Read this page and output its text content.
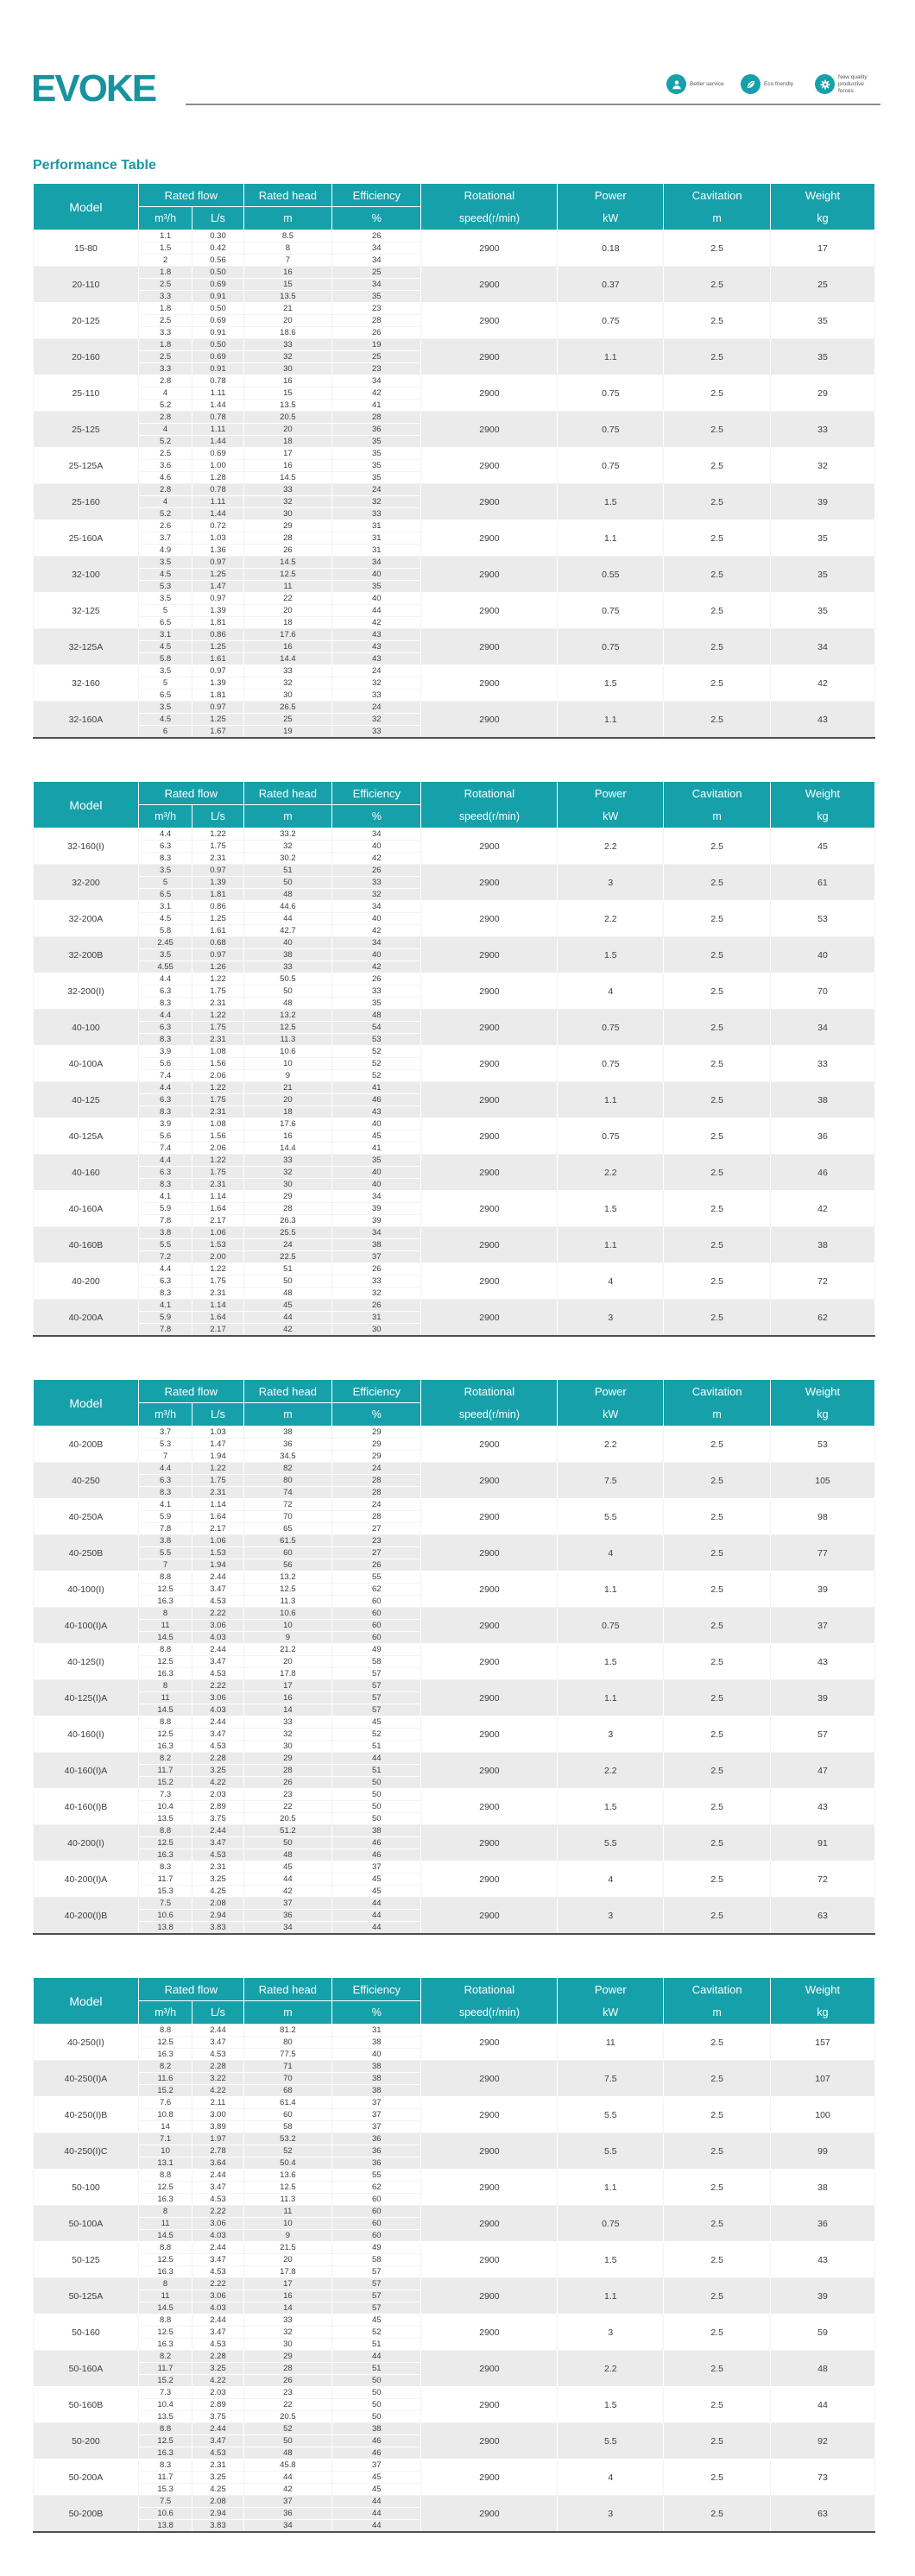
EVOKE	Better service	Eco friendly
New quality productive forces
Performance Table
Model	Rated flow		Rated head	Efficiency	Rotational	Power	Cavitation	Weight
	m³/h	L/s	m	%	speed(r/min)	kW	m	kg
15-80	1.1	0.30	8.5	26	2900	0.18	2.5	17
	1.5	0.42	8	34				
	2	0.56	7	34				
20-110	1.8	0.50	16	25	2900	0.37	2.5	25
	2.5	0.69	15	34				
	3.3	0.91	13.5	35				
20-125	1.8	0.50	21	23	2900	0.75	2.5	35
	2.5	0.69	20	28				
	3.3	0.91	18.6	26				
20-160	1.8	0.50	33	19	2900	1.1	2.5	35
	2.5	0.69	32	25				
	3.3	0.91	30	23				
25-110	2.8	0.78	16	34	2900	0.75	2.5	29
	4	1.11	15	42				
	5.2	1.44	13.5	41				
25-125	2.8	0.78	20.5	28	2900	0.75	2.5	33
	4	1.11	20	36				
	5.2	1.44	18	35				
25-125A	2.5	0.69	17	35	2900	0.75	2.5	32
	3.6	1.00	16	35				
	4.6	1.28	14.5	35				
25-160	2.8	0.78	33	24	2900	1.5	2.5	39
	4	1.11	32	32				
	5.2	1.44	30	33				
25-160A	2.6	0.72	29	31	2900	1.1	2.5	35
	3.7	1.03	28	31				
	4.9	1.36	26	31				
32-100	3.5	0.97	14.5	34	2900	0.55	2.5	35
	4.5	1.25	12.5	40				
	5.3	1.47	11	35				
32-125	3.5	0.97	22	40	2900	0.75	2.5	35
	5	1.39	20	44				
	6.5	1.81	18	42				
32-125A	3.1	0.86	17.6	43	2900	0.75	2.5	34
	4.5	1.25	16	43				
	5.8	1.61	14.4	43				
32-160	3.5	0.97	33	24	2900	1.5	2.5	42
	5	1.39	32	32				
	6.5	1.81	30	33				
32-160A	3.5	0.97	26.5	24	2900	1.1	2.5	43
	4.5	1.25	25	32				
	6	1.67	19	33				
Model	Rated flow		Rated head	Efficiency	Rotational	Power	Cavitation	Weight
	m³/h	L/s	m	%	speed(r/min)	kW	m	kg
32-160(I)	4.4	1.22	33.2	34	2900	2.2	2.5	45
	6.3	1.75	32	40				
	8.3	2.31	30.2	42				
32-200	3.5	0.97	51	26	2900	3	2.5	61
	5	1.39	50	33				
	6.5	1.81	48	32				
32-200A	3.1	0.86	44.6	34	2900	2.2	2.5	53
	4.5	1.25	44	40				
	5.8	1.61	42.7	42				
32-200B	2.45	0.68	40	34	2900	1.5	2.5	40
	3.5	0.97	38	40				
	4.55	1.26	33	42				
32-200(I)	4.4	1.22	50.5	26	2900	4	2.5	70
	6.3	1.75	50	33				
	8.3	2.31	48	35				
40-100	4.4	1.22	13.2	48	2900	0.75	2.5	34
	6.3	1.75	12.5	54				
	8.3	2.31	11.3	53				
40-100A	3.9	1.08	10.6	52	2900	0.75	2.5	33
	5.6	1.56	10	52				
	7.4	2.06	9	52				
40-125	4.4	1.22	21	41	2900	1.1	2.5	38
	6.3	1.75	20	46				
	8.3	2.31	18	43				
40-125A	3.9	1.08	17.6	40	2900	0.75	2.5	36
	5.6	1.56	16	45				
	7.4	2.06	14.4	41				
40-160	4.4	1.22	33	35	2900	2.2	2.5	46
	6.3	1.75	32	40				
	8.3	2.31	30	40				
40-160A	4.1	1.14	29	34	2900	1.5	2.5	42
	5.9	1.64	28	39				
	7.8	2.17	26.3	39				
40-160B	3.8	1.06	25.5	34	2900	1.1	2.5	38
	5.5	1.53	24	38				
	7.2	2.00	22.5	37				
40-200	4.4	1.22	51	26	2900	4	2.5	72
	6.3	1.75	50	33				
	8.3	2.31	48	32				
40-200A	4.1	1.14	45	26	2900	3	2.5	62
	5.9	1.64	44	31				
	7.8	2.17	42	30				
Model	Rated flow		Rated head	Efficiency	Rotational	Power	Cavitation	Weight
	m³/h	L/s	m	%	speed(r/min)	kW	m	kg
40-200B	3.7	1.03	38	29	2900	2.2	2.5	53
	5.3	1.47	36	29				
	7	1.94	34.5	29				
40-250	4.4	1.22	82	24	2900	7.5	2.5	105
	6.3	1.75	80	28				
	8.3	2.31	74	28				
40-250A	4.1	1.14	72	24	2900	5.5	2.5	98
	5.9	1.64	70	28				
	7.8	2.17	65	27				
40-250B	3.8	1.06	61.5	23	2900	4	2.5	77
	5.5	1.53	60	27				
	7	1.94	56	26				
40-100(I)	8.8	2.44	13.2	55	2900	1.1	2.5	39
	12.5	3.47	12.5	62				
	16.3	4.53	11.3	60				
40-100(I)A	8	2.22	10.6	60	2900	0.75	2.5	37
	11	3.06	10	60				
	14.5	4.03	9	60				
40-125(I)	8.8	2.44	21.2	49	2900	1.5	2.5	43
	12.5	3.47	20	58				
	16.3	4.53	17.8	57				
40-125(I)A	8	2.22	17	57	2900	1.1	2.5	39
	11	3.06	16	57				
	14.5	4.03	14	57				
40-160(I)	8.8	2.44	33	45	2900	3	2.5	57
	12.5	3.47	32	52				
	16.3	4.53	30	51				
40-160(I)A	8.2	2.28	29	44	2900	2.2	2.5	47
	11.7	3.25	28	51				
	15.2	4.22	26	50				
40-160(I)B	7.3	2.03	23	50	2900	1.5	2.5	43
	10.4	2.89	22	50				
	13.5	3.75	20.5	50				
40-200(I)	8.8	2.44	51.2	38	2900	5.5	2.5	91
	12.5	3.47	50	46				
	16.3	4.53	48	46				
40-200(I)A	8.3	2.31	45	37	2900	4	2.5	72
	11.7	3.25	44	45				
	15.3	4.25	42	45				
40-200(I)B	7.5	2.08	37	44	2900	3	2.5	63
	10.6	2.94	36	44				
	13.8	3.83	34	44				
Model	Rated flow		Rated head	Efficiency	Rotational	Power	Cavitation	Weight
	m³/h	L/s	m	%	speed(r/min)	kW	m	kg
40-250(I)	8.8	2.44	81.2	31	2900	11	2.5	157
	12.5	3.47	80	38				
	16.3	4.53	77.5	40				
40-250(I)A	8.2	2.28	71	38	2900	7.5	2.5	107
	11.6	3.22	70	38				
	15.2	4.22	68	38				
40-250(I)B	7.6	2.11	61.4	37	2900	5.5	2.5	100
	10.8	3.00	60	37				
	14	3.89	58	37				
40-250(I)C	7.1	1.97	53.2	36	2900	5.5	2.5	99
	10	2.78	52	36				
	13.1	3.64	50.4	36				
50-100	8.8	2.44	13.6	55	2900	1.1	2.5	38
	12.5	3.47	12.5	62				
	16.3	4.53	11.3	60				
50-100A	8	2.22	11	60	2900	0.75	2.5	36
	11	3.06	10	60				
	14.5	4.03	9	60				
50-125	8.8	2.44	21.5	49	2900	1.5	2.5	43
	12.5	3.47	20	58				
	16.3	4.53	17.8	57				
50-125A	8	2.22	17	57	2900	1.1	2.5	39
	11	3.06	16	57				
	14.5	4.03	14	57				
50-160	8.8	2.44	33	45	2900	3	2.5	59
	12.5	3.47	32	52				
	16.3	4.53	30	51				
50-160A	8.2	2.28	29	44	2900	2.2	2.5	48
	11.7	3.25	28	51				
	15.2	4.22	26	50				
50-160B	7.3	2.03	23	50	2900	1.5	2.5	44
	10.4	2.89	22	50				
	13.5	3.75	20.5	50				
50-200	8.8	2.44	52	38	2900	5.5	2.5	92
	12.5	3.47	50	46				
	16.3	4.53	48	46				
50-200A	8.3	2.31	45.8	37	2900	4	2.5	73
	11.7	3.25	44	45				
	15.3	4.25	42	45				
50-200B	7.5	2.08	37	44	2900	3	2.5	63
	10.6	2.94	36	44				
	13.8	3.83	34	44				
